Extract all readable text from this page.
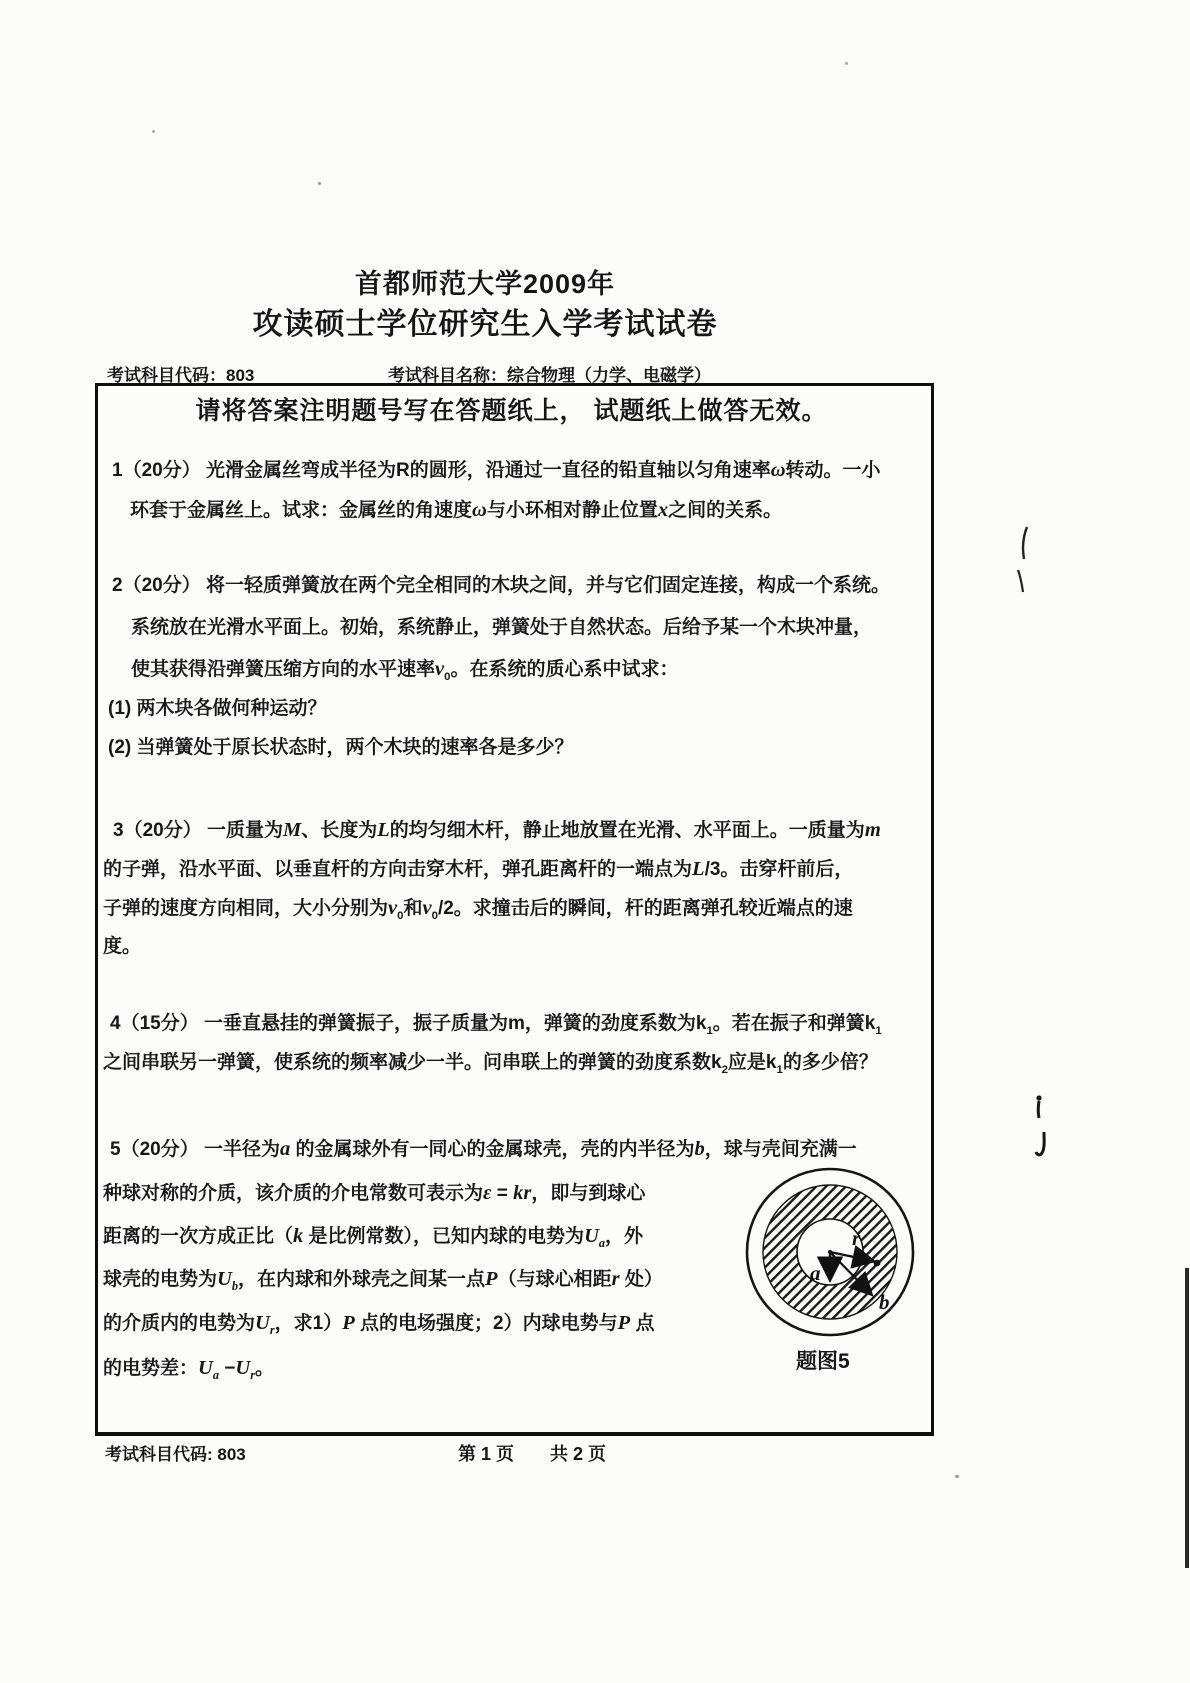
首都师范大学2009年
攻读硕士学位研究生入学考试试卷
考试科目代码：803	考试科目名称：综合物理（力学、电磁学）
请将答案注明题号写在答题纸上， 试题纸上做答无效。
1（20分） 光滑金属丝弯成半径为R的圆形，沿通过一直径的铅直轴以匀角速率ω转动。一小
环套于金属丝上。试求：金属丝的角速度ω与小环相对静止位置x之间的关系。
2（20分） 将一轻质弹簧放在两个完全相同的木块之间，并与它们固定连接，构成一个系统。
系统放在光滑水平面上。初始，系统静止，弹簧处于自然状态。后给予某一个木块冲量，
使其获得沿弹簧压缩方向的水平速率$v_0$。在系统的质心系中试求：
(1) 两木块各做何种运动？
(2) 当弹簧处于原长状态时，两个木块的速率各是多少？
3（20分） 一质量为M、长度为L的均匀细木杆，静止地放置在光滑、水平面上。一质量为m
的子弹，沿水平面、以垂直杆的方向击穿木杆，弹孔距离杆的一端点为L/3。击穿杆前后，
子弹的速度方向相同，大小分别为$v_0$和$v_0/2$。求撞击后的瞬间，杆的距离弹孔较近端点的速
度。
4（15分） 一垂直悬挂的弹簧振子，振子质量为m，弹簧的劲度系数为$k_1$。若在振子和弹簧$k_1$
之间串联另一弹簧，使系统的频率减少一半。问串联上的弹簧的劲度系数$k_2$应是$k_1$的多少倍？
5（20分） 一半径为a 的金属球外有一同心的金属球壳，壳的内半径为b，球与壳间充满一
种球对称的介质，该介质的介电常数可表示为ε = kr，即与到球心
距离的一次方成正比（k 是比例常数），已知内球的电势为$U_a$，外
球壳的电势为$U_b$，在内球和外球壳之间某一点P（与球心相距r 处）
的介质内的电势为$U_r$，求1）P 点的电场强度；2）内球电势与P 点
的电势差：$U_a -U_r$。
a
r
b
题图5
考试科目代码: 803	第 1 页　　共 2 页
